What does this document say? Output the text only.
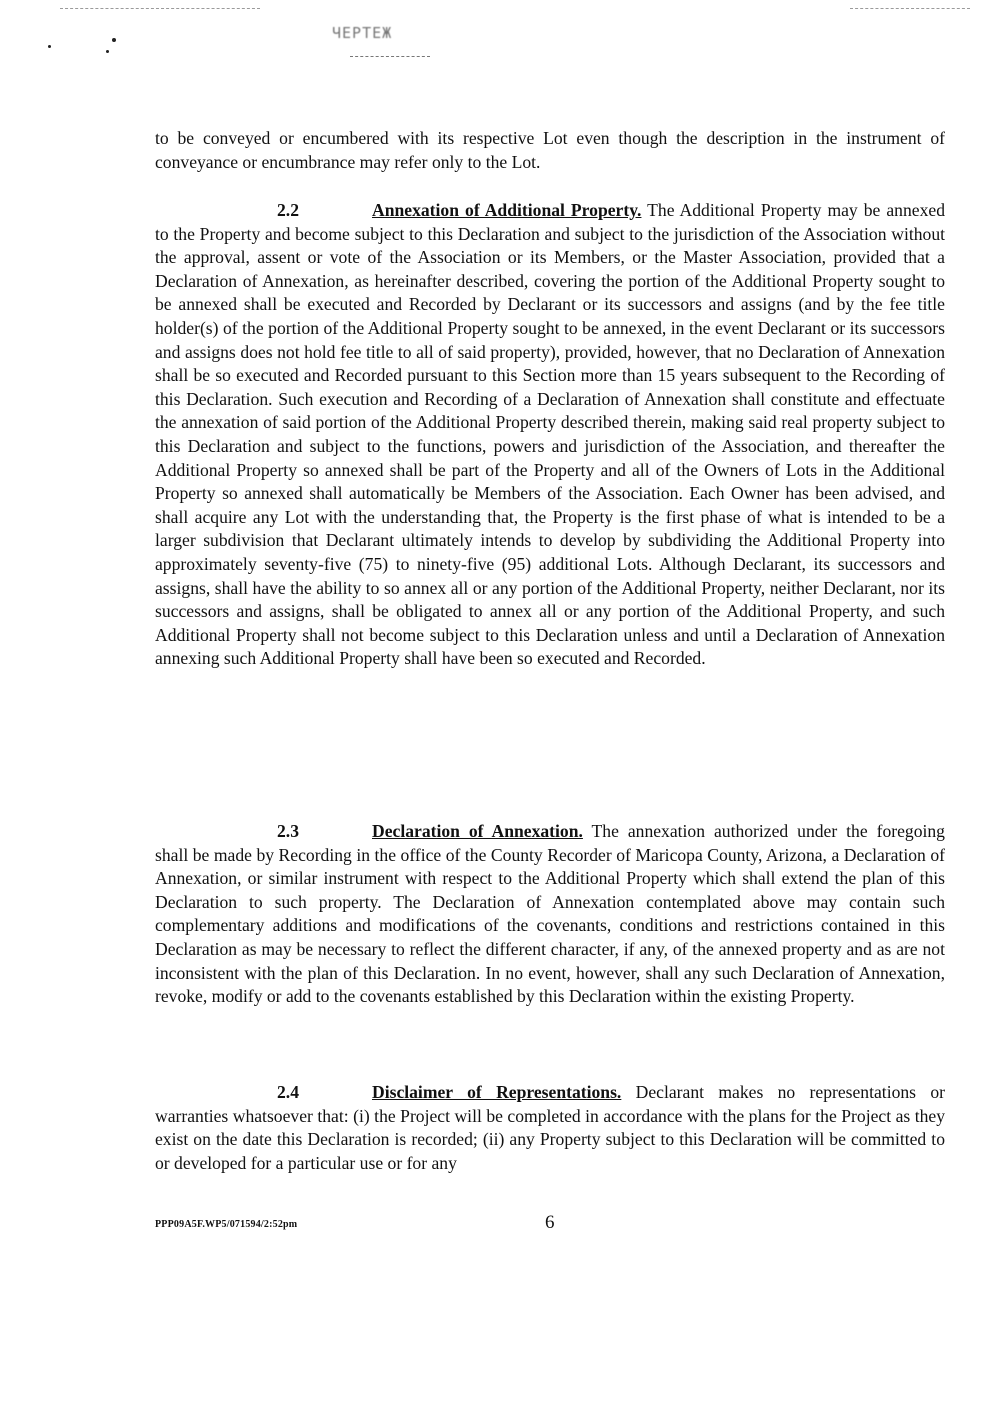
ЧЕРТЕЖ

to be conveyed or encumbered with its respective Lot even though the description in the instrument of conveyance or encumbrance may refer only to the Lot.

2.2	Annexation of Additional Property. The Additional Property may be annexed to the Property and become subject to this Declaration and subject to the jurisdiction of the Association without the approval, assent or vote of the Association or its Members, or the Master Association, provided that a Declaration of Annexation, as hereinafter described, covering the portion of the Additional Property sought to be annexed shall be executed and Recorded by Declarant or its successors and assigns (and by the fee title holder(s) of the portion of the Additional Property sought to be annexed, in the event Declarant or its successors and assigns does not hold fee title to all of said property), provided, however, that no Declaration of Annexation shall be so executed and Recorded pursuant to this Section more than 15 years subsequent to the Recording of this Declaration. Such execution and Recording of a Declaration of Annexation shall constitute and effectuate the annexation of said portion of the Additional Property described therein, making said real property subject to this Declaration and subject to the functions, powers and jurisdiction of the Association, and thereafter the Additional Property so annexed shall be part of the Property and all of the Owners of Lots in the Additional Property so annexed shall automatically be Members of the Association. Each Owner has been advised, and shall acquire any Lot with the understanding that, the Property is the first phase of what is intended to be a larger subdivision that Declarant ultimately intends to develop by subdividing the Additional Property into approximately seventy-five (75) to ninety-five (95) additional Lots. Although Declarant, its successors and assigns, shall have the ability to so annex all or any portion of the Additional Property, neither Declarant, nor its successors and assigns, shall be obligated to annex all or any portion of the Additional Property, and such Additional Property shall not become subject to this Declaration unless and until a Declaration of Annexation annexing such Additional Property shall have been so executed and Recorded.

2.3	Declaration of Annexation. The annexation authorized under the foregoing shall be made by Recording in the office of the County Recorder of Maricopa County, Arizona, a Declaration of Annexation, or similar instrument with respect to the Additional Property which shall extend the plan of this Declaration to such property. The Declaration of Annexation contemplated above may contain such complementary additions and modifications of the covenants, conditions and restrictions contained in this Declaration as may be necessary to reflect the different character, if any, of the annexed property and as are not inconsistent with the plan of this Declaration. In no event, however, shall any such Declaration of Annexation, revoke, modify or add to the covenants established by this Declaration within the existing Property.

2.4	Disclaimer of Representations. Declarant makes no representations or warranties whatsoever that: (i) the Project will be completed in accordance with the plans for the Project as they exist on the date this Declaration is recorded; (ii) any Property subject to this Declaration will be committed to or developed for a particular use or for any

PPP09A5F.WP5/071594/2:52pm	6
